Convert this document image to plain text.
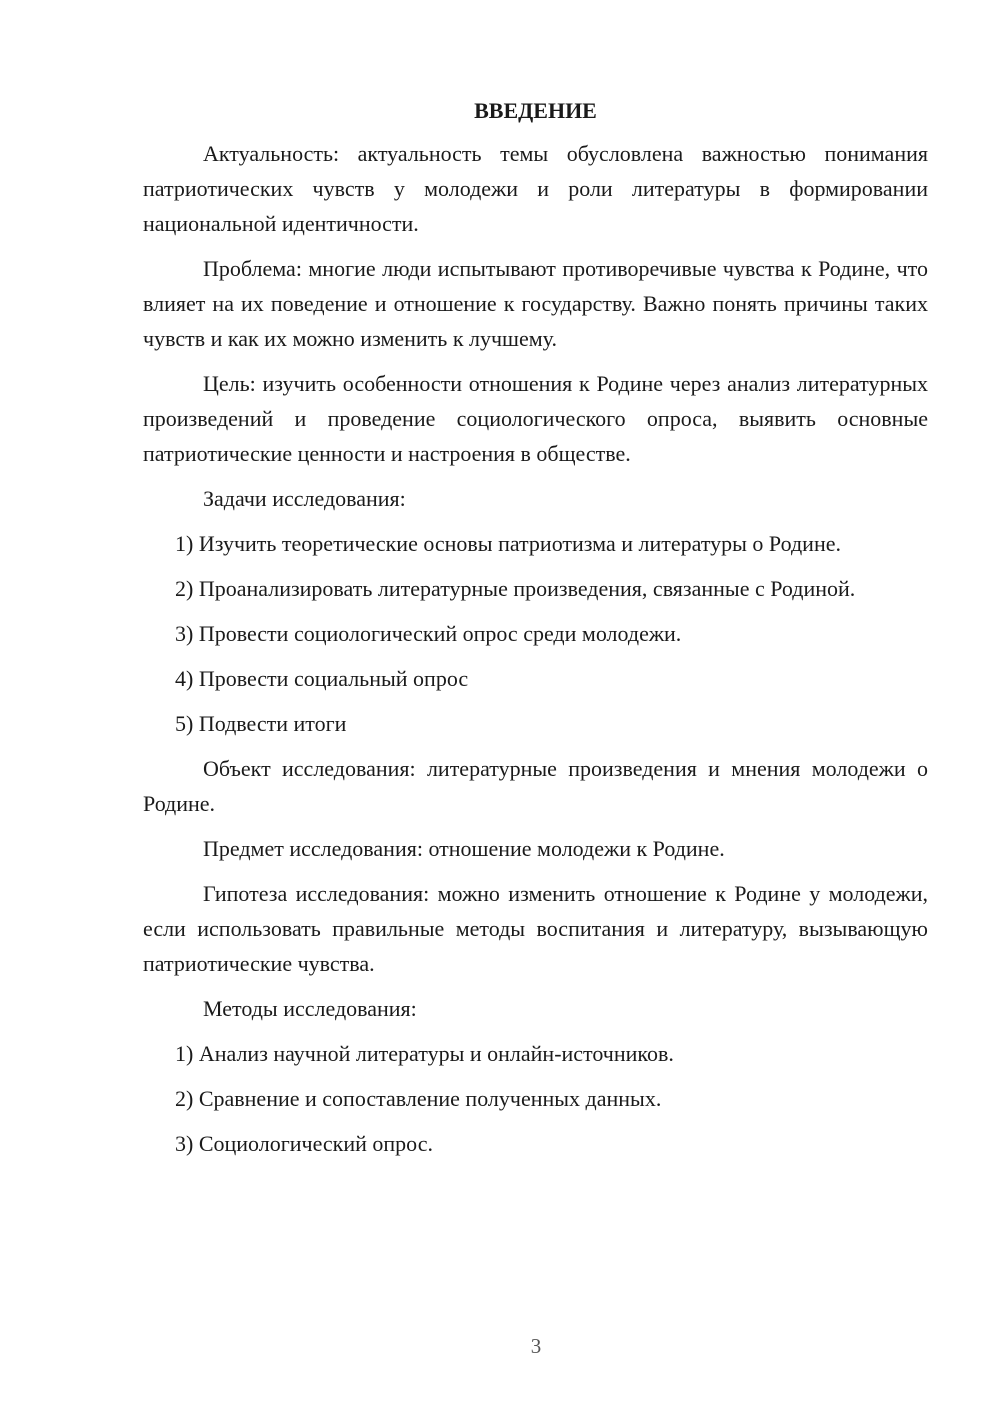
ВВЕДЕНИЕ

Актуальность: актуальность темы обусловлена важностью понимания патриотических чувств у молодежи и роли литературы в формировании национальной идентичности.

Проблема: многие люди испытывают противоречивые чувства к Родине, что влияет на их поведение и отношение к государству. Важно понять причины таких чувств и как их можно изменить к лучшему.

Цель: изучить особенности отношения к Родине через анализ литературных произведений и проведение социологического опроса, выявить основные патриотические ценности и настроения в обществе.

Задачи исследования:

1) Изучить теоретические основы патриотизма и литературы о Родине.

2) Проанализировать литературные произведения, связанные с Родиной.

3) Провести социологический опрос среди молодежи.

4) Провести социальный опрос

5) Подвести итоги

Объект исследования: литературные произведения и мнения молодежи о Родине.

Предмет исследования: отношение молодежи к Родине.

Гипотеза исследования: можно изменить отношение к Родине у молодежи, если использовать правильные методы воспитания и литературу, вызывающую патриотические чувства.

Методы исследования:

1) Анализ научной литературы и онлайн-источников.

2) Сравнение и сопоставление полученных данных.

3) Социологический опрос.

3
